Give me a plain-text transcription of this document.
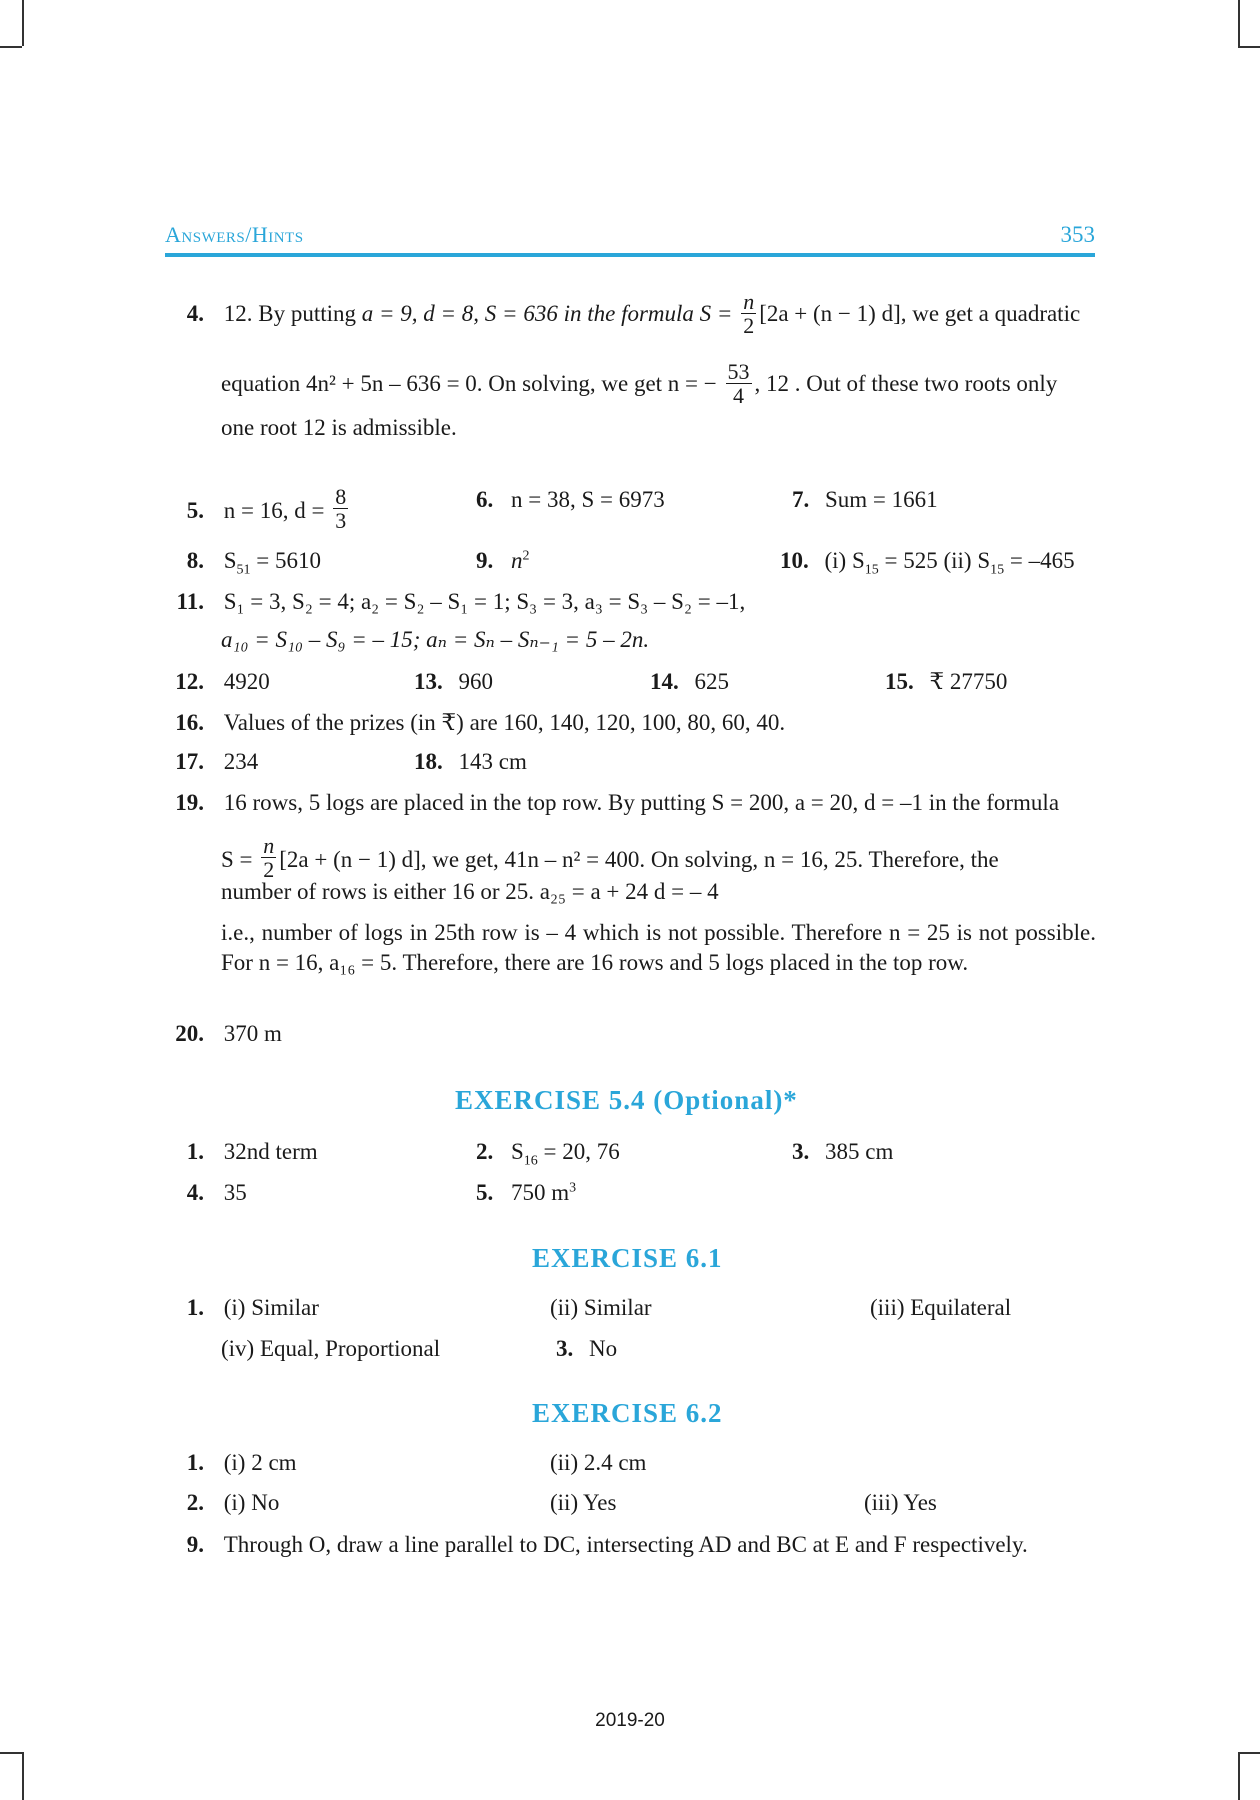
Answers/Hints	353
4. 12. By putting a = 9, d = 8, S = 636 in the formula $S = \frac{n}{2} [2a + (n - 1)$ d], we get a quadratic
equation 4n² + 5n – 636 = 0. On solving, we get n = − $\frac{53}{4}$ , 12 . Out of these two roots only
one root 12 is admissible.
5. n = 16, $d = \frac{8}{3}$	6. n = 38, S = 6973	7. Sum = 1661
8. $S_{51} = 5610$	9. $n^2$	10. (i) $S_{15} = 525$ (ii) $S_{15} = -465$
11. S₁ = 3, S₂ = 4; a₂ = S₂ – S₁ = 1; S₃ = 3, a₃ = S₃ – S₂ = –1,
a₁₀ = S₁₀ – S₉ = – 15; aₙ = Sₙ – Sₙ₋₁ = 5 – 2n.
12. 4920	13. 960	14. 625	15. ₹ 27750
16. Values of the prizes (in ₹) are 160, 140, 120, 100, 80, 60, 40.
17. 234	18. 143 cm
19. 16 rows, 5 logs are placed in the top row. By putting S = 200, a = 20, d = –1 in the formula
$S = \frac{n}{2} [2a + (n - 1)$ d], we get, 41n – n² = 400. On solving, n = 16, 25. Therefore, the
number of rows is either 16 or 25. a₂₅ = a + 24 d = – 4
i.e., number of logs in 25th row is – 4 which is not possible. Therefore n = 25 is not possible. For n = 16, a₁₆ = 5. Therefore, there are 16 rows and 5 logs placed in the top row.
20. 370 m
EXERCISE 5.4 (Optional)*
1. 32nd term	2. $S_{16} = 20$, 76	3. 385 cm
4. 35	5. 750 $m^3$
EXERCISE 6.1
1. (i) Similar	(ii) Similar	(iii) Equilateral
(iv) Equal, Proportional	3. No
EXERCISE 6.2
1. (i) 2 cm	(ii) 2.4 cm
2. (i) No	(ii) Yes	(iii) Yes
9. Through O, draw a line parallel to DC, intersecting AD and BC at E and F respectively.
2019-20
